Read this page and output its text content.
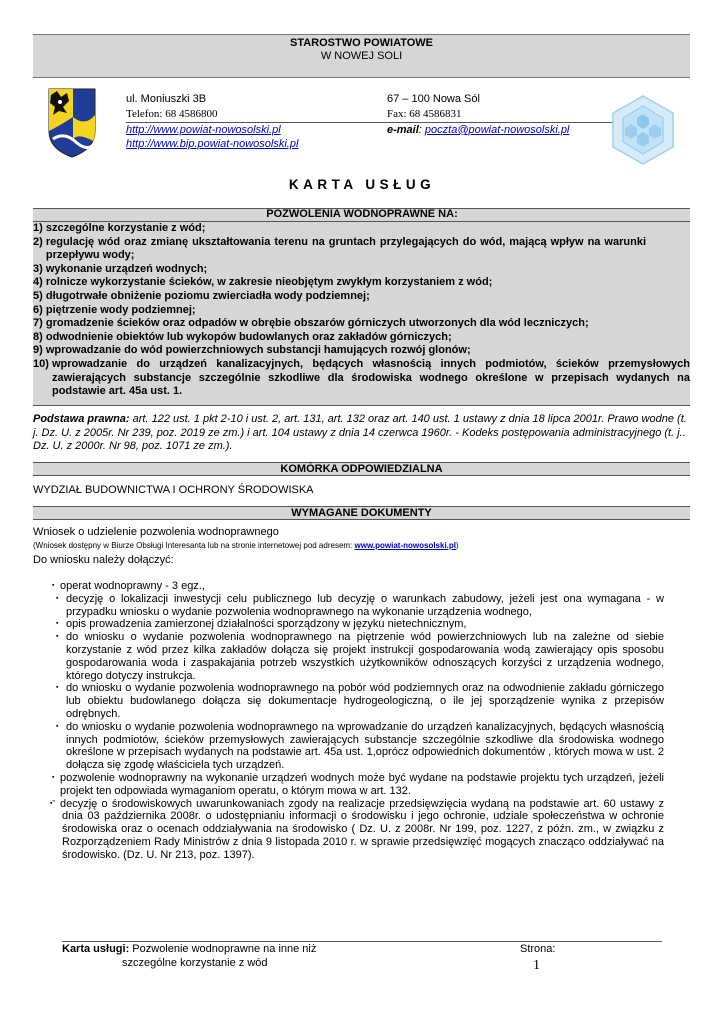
STAROSTWO POWIATOWE
W NOWEJ SOLI
ul. Moniuszki 3B
Telefon: 68 4586800
http://www.powiat-nowosolski.pl
http://www.bip.powiat-nowosolski.pl
67 – 100 Nowa Sól
Fax: 68 4586831
e-mail: poczta@powiat-nowosolski.pl
KARTA USŁUG
POZWOLENIA WODNOPRAWNE NA:
1) szczególne korzystanie z wód;
2) regulację wód oraz zmianę ukształtowania terenu na gruntach przylegających do wód, mającą wpływ na warunki przepływu wody;
3) wykonanie urządzeń wodnych;
4) rolnicze wykorzystanie ścieków, w zakresie nieobjętym zwykłym korzystaniem z wód;
5) długotrwałe obniżenie poziomu zwierciadła wody podziemnej;
6) piętrzenie wody podziemnej;
7) gromadzenie ścieków oraz odpadów w obrębie obszarów górniczych utworzonych dla wód leczniczych;
8) odwodnienie obiektów lub wykopów budowlanych oraz zakładów górniczych;
9) wprowadzanie do wód powierzchniowych substancji hamujących rozwój glonów;
10) wprowadzanie do urządzeń kanalizacyjnych, będących własnością innych podmiotów, ścieków przemysłowych zawierających substancje szczególnie szkodliwe dla środowiska wodnego określone w przepisach wydanych na podstawie art. 45a ust. 1.
Podstawa prawna: art. 122 ust. 1 pkt 2-10 i ust. 2, art. 131, art. 132 oraz art. 140 ust. 1 ustawy z dnia 18 lipca 2001r. Prawo wodne (t. j. Dz. U. z 2005r. Nr 239, poz. 2019 ze zm.) i art. 104 ustawy z dnia 14 czerwca 1960r. - Kodeks postępowania administracyjnego (t. j.. Dz. U. z 2000r. Nr 98, poz. 1071 ze zm.).
KOMÓRKA ODPOWIEDZIALNA
WYDZIAŁ BUDOWNICTWA I OCHRONY ŚRODOWISKA
WYMAGANE DOKUMENTY
Wniosek o udzielenie pozwolenia wodnoprawnego
(Wniosek dostępny w Biurze Obsługi Interesanta lub na stronie internetowej pod adresem: www.powiat-nowosolski.pl)
Do wniosku należy dołączyć:
▪ operat wodnoprawny - 3 egz.,
▪ decyzję o lokalizacji inwestycji celu publicznego lub decyzję o warunkach zabudowy, jeżeli jest ona wymagana - w przypadku wniosku o wydanie pozwolenia wodnoprawnego na wykonanie urządzenia wodnego,
▪ opis prowadzenia zamierzonej działalności sporządzony w języku nietechnicznym,
▪ do wniosku o wydanie pozwolenia wodnoprawnego na piętrzenie wód powierzchniowych lub na zależne od siebie korzystanie z wód przez kilka zakładów dołącza się projekt instrukcji gospodarowania wodą zawierający opis sposobu gospodarowania woda i zaspakajania potrzeb wszystkich użytkowników odnoszących korzyści z urządzenia wodnego, którego dotyczy instrukcja.
▪ do wniosku o wydanie pozwolenia wodnoprawnego na pobór wód podziemnych oraz na odwodnienie zakładu górniczego lub obiektu budowlanego dołącza się dokumentacje hydrogeologiczną, o ile jej sporządzenie wynika z przepisów odrębnych.
▪ do wniosku o wydanie pozwolenia wodnoprawnego na wprowadzanie do urządzeń kanalizacyjnych, będących własnością innych podmiotów, ścieków przemysłowych zawierających substancje szczególnie szkodliwe dla środowiska wodnego określone w przepisach wydanych na podstawie art. 45a ust. 1,oprócz odpowiednich dokumentów , których mowa w ust. 2 dołącza się zgodę właściciela tych urządzeń.
▪ pozwolenie wodnoprawny na wykonanie urządzeń wodnych może być wydane na podstawie projektu tych urządzeń, jeżeli projekt ten odpowiada wymaganiom operatu, o którym mowa w art. 132.
▪" decyzję o środowiskowych uwarunkowaniach zgody na realizacje przedsięwzięcia wydaną na podstawie art. 60 ustawy z dnia 03 października 2008r. o udostępnianiu informacji o środowisku i jego ochronie, udziale społeczeństwa w ochronie środowiska oraz o ocenach oddziaływania na środowisko ( Dz. U. z 2008r. Nr 199, poz. 1227, z późn. zm., w związku z Rozporządzeniem Rady Ministrów z dnia 9 listopada 2010 r. w sprawie przedsięwzięć mogących znacząco oddziaływać na środowisko. (Dz. U. Nr 213, poz. 1397).
Karta usługi: Pozwolenie wodnoprawne na inne niż
szczególne korzystanie z wód
Strona:
1
